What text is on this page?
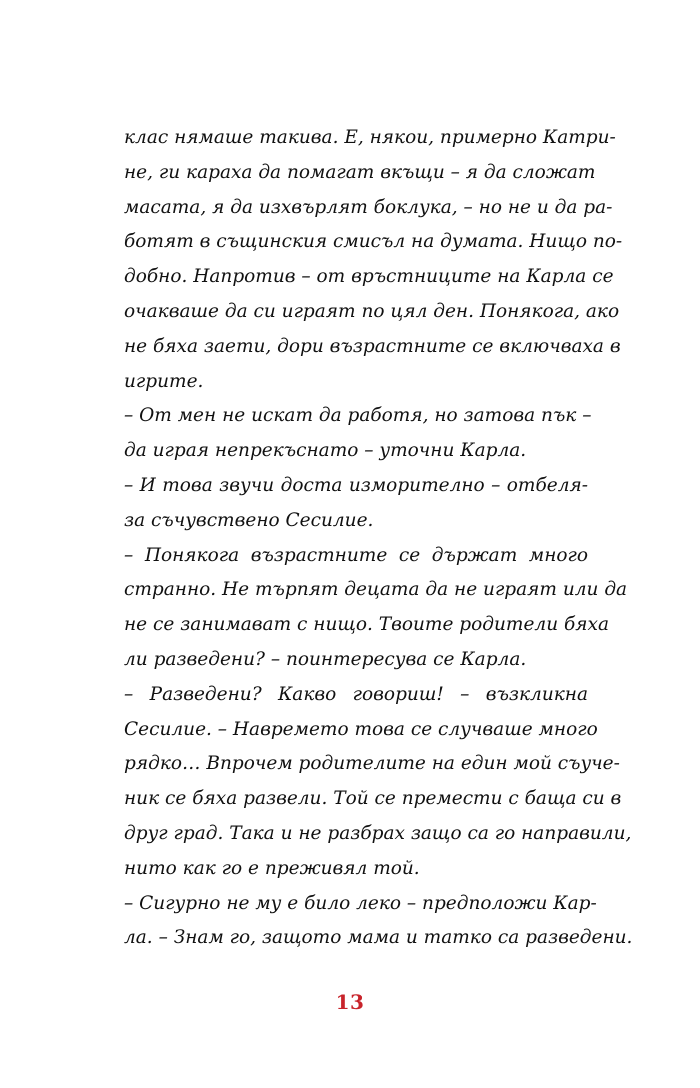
клас нямаше такива. Е, някои, примерно Катри-
не, ги караха да помагат вкъщи – я да сложат
масата, я да изхвърлят боклука, – но не и да ра-
ботят в същинския смисъл на думата. Нищо по-
добно. Напротив – от връстниците на Карла се
очакваше да си играят по цял ден. Понякога, ако
не бяха заети, дори възрастните се включваха в
игрите.
– От мен не искат да работя, но затова пък –
да играя непрекъснато – уточни Карла.
– И това звучи доста изморително – отбеля-
за съчувствено Сесилие.
– Понякога възрастните се държат много
странно. Не търпят децата да не играят или да
не се занимават с нищо. Твоите родители бяха
ли разведени? – поинтересува се Карла.
– Разведени? Какво говориш! – възкликна
Сесилие. – Навремето това се случваше много
рядко… Впрочем родителите на един мой съучe-
ник се бяха развели. Той се премести с баща си в
друг град. Така и не разбрах защо са го направили,
нито как го е преживял той.
– Сигурно не му е било леко – предположи Кар-
ла. – Знам го, защото мама и татко са разведени.
13
